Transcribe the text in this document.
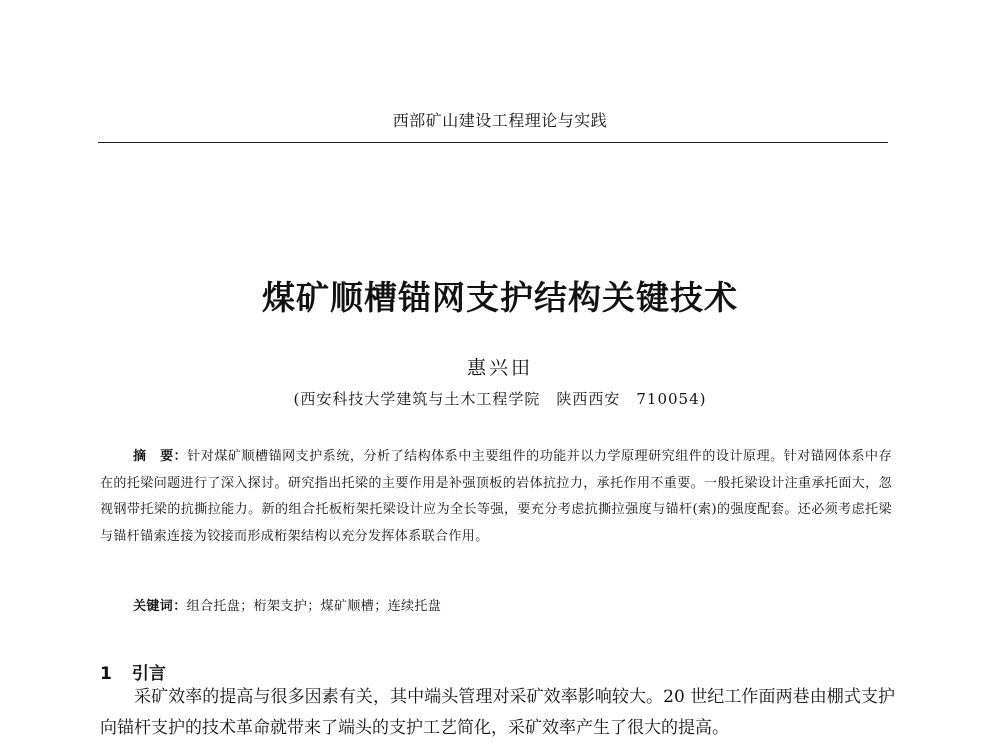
西部矿山建设工程理论与实践
煤矿顺槽锚网支护结构关键技术
惠兴田
(西安科技大学建筑与土木工程学院　陕西西安　710054)
摘　要：针对煤矿顺槽锚网支护系统，分析了结构体系中主要组件的功能并以力学原理研究组件的设计原理。针对锚网体系中存在的托梁问题进行了深入探讨。研究指出托梁的主要作用是补强顶板的岩体抗拉力，承托作用不重要。一般托梁设计注重承托面大，忽视钢带托梁的抗撕拉能力。新的组合托板桁架托梁设计应为全长等强，要充分考虑抗撕拉强度与锚杆(索)的强度配套。还必须考虑托梁与锚杆锚索连接为铰接而形成桁架结构以充分发挥体系联合作用。
关键词：组合托盘；桁架支护；煤矿顺槽；连续托盘
1 引言
采矿效率的提高与很多因素有关，其中端头管理对采矿效率影响较大。20 世纪工作面两巷由棚式支护向锚杆支护的技术革命就带来了端头的支护工艺简化，采矿效率产生了很大的提高。
